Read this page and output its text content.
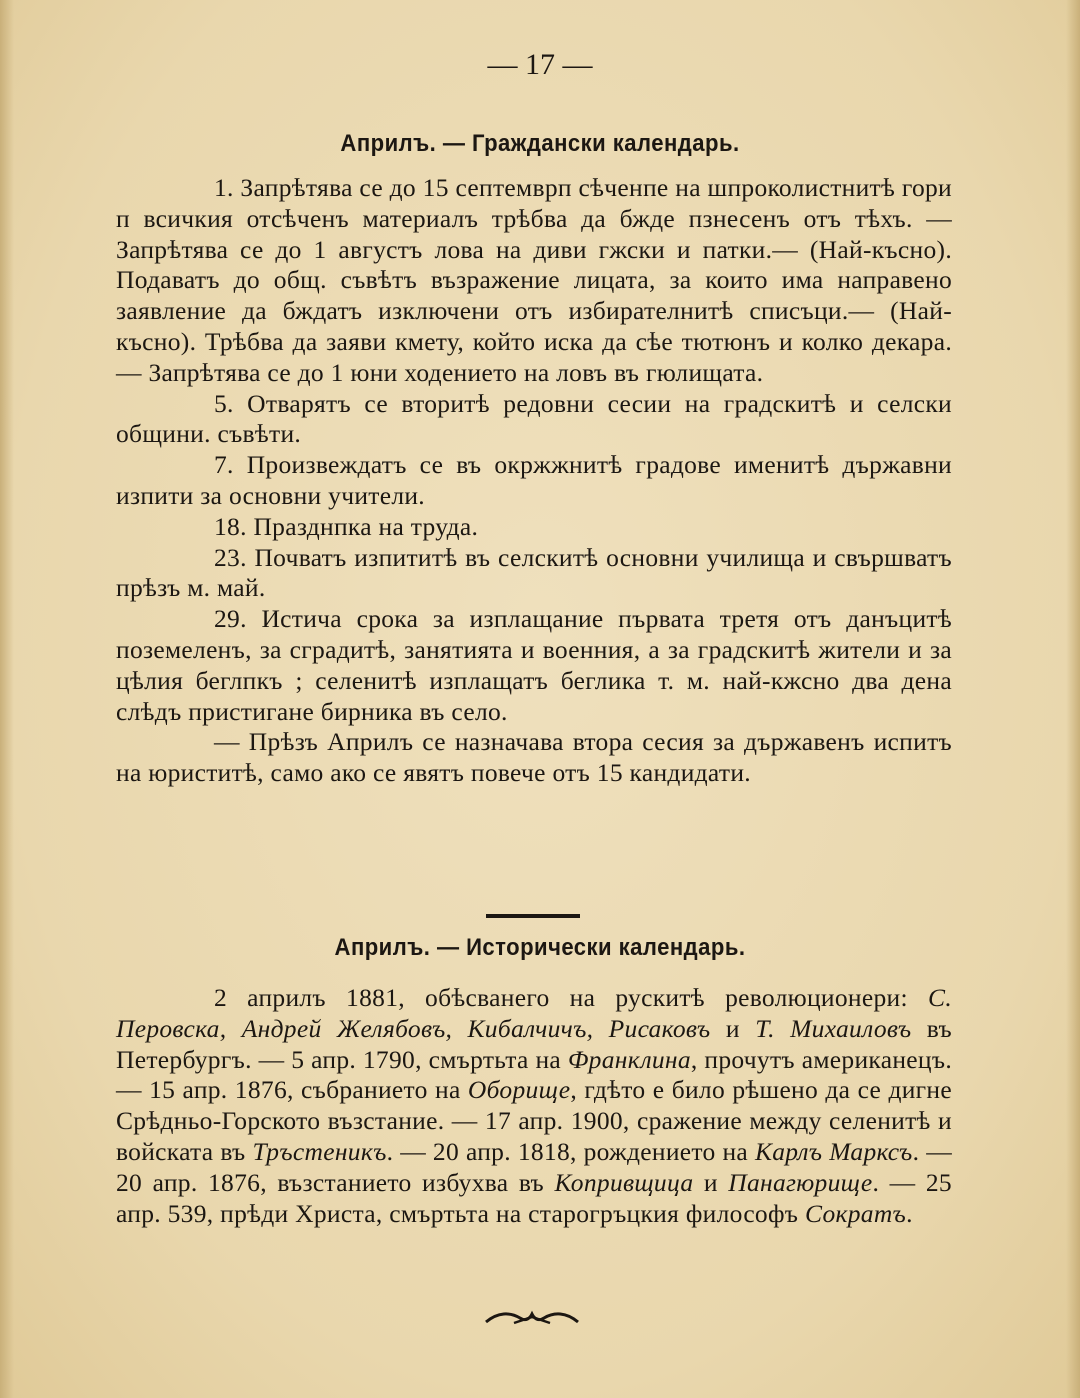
— 17 —
Априлъ. — Граждански календарь.

1. Запрѣтява се до 15 септемврп сѣченпе на шпроколистнитѣ гори п всичкия отсѣченъ материалъ трѣбва да бжде пзнесенъ отъ тѣхъ. — Запрѣтява се до 1 августъ лова на диви гжски и патки.— (Най-късно). Подаватъ до общ. съвѣтъ възражение лицата, за които има направено заявление да бждатъ изключени отъ избирателнитѣ списъци.— (Най-късно). Трѣбва да заяви кмету, който иска да сѣе тютюнъ и колко декара. — Запрѣтява се до 1 юни ходението на ловъ въ гюлищата.

5. Отварятъ се вторитѣ редовни сесии на градскитѣ и селски общини. съвѣти.

7. Произвеждатъ се въ окржжнитѣ градове именитѣ държавни изпити за основни учители.

18. Празднпка на труда.

23. Почватъ изпититѣ въ селскитѣ основни училища и свършватъ прѣзъ м. май.

29. Истича срока за изплащание първата третя отъ данъцитѣ поземеленъ, за сградитѣ, занятията и военния, а за градскитѣ жители и за цѣлия беглпкъ ; селенитѣ изплащатъ беглика т. м. най-кжсно два дена слѣдъ пристигане бирника въ село.

— Прѣзъ Априлъ се назначава втора сесия за държавенъ испитъ на юриститѣ, само ако се явятъ повече отъ 15 кандидати.

Априлъ. — Исторически календарь.

2 априлъ 1881, обѣсванего на рускитѣ революционери: С. Перовска, Андрей Желябовъ, Кибалчичъ, Рисаковъ и Т. Михаиловъ въ Петербургъ. — 5 апр. 1790, смъртьта на Франклина, прочутъ американецъ.— 15 апр. 1876, събранието на Оборище, гдѣто е било рѣшено да се дигне Срѣдньо-Горското възстание. — 17 апр. 1900, сражение между селенитѣ и войската въ Тръстеникъ. — 20 апр. 1818, рождението на Карлъ Марксъ. — 20 апр. 1876, възстанието избухва въ Копривщица и Панагюрище. — 25 апр. 539, прѣди Христа, смъртьта на старогръцкия философъ Сократъ.
